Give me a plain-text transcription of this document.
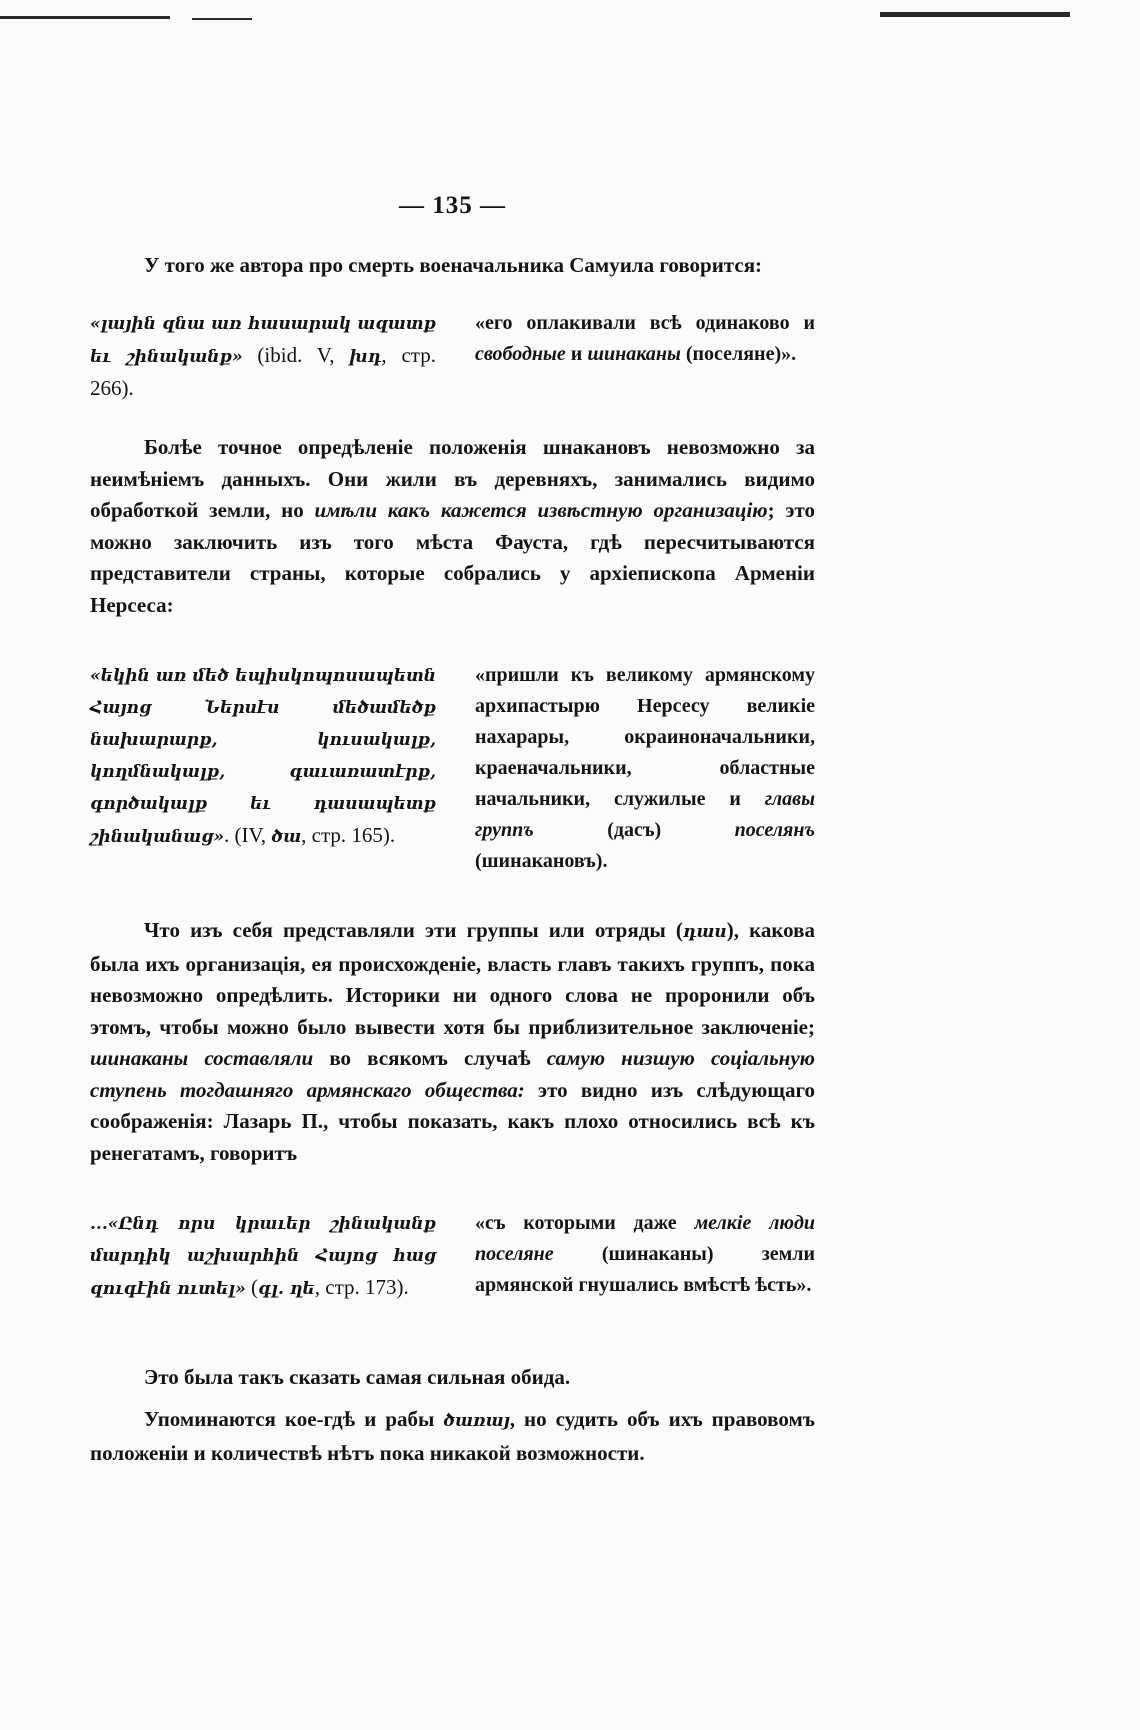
— 135 —
У того же автора про смерть военачальника Самуила говорится:
«լային զնա առ հասարակ ազատք եւ շինականք» (ibid. V, խդ, стр. 266).
«его оплакивали всѣ одинаково и свободные и шинаканы (поселяне)».
Болѣе точное опредѣленіе положенія шнакановъ невозможно за неимѣніемъ данныхъ. Они жили въ деревняхъ, занимались видимо обработкой земли, но имѣли какъ кажется извѣстную организацію; это можно заключить изъ того мѣста Фауста, гдѣ пересчитываются представители страны, которые собрались у архіепископа Арменіи Нерсеса:
«եկին առ մեծ եպիսկոպոսապետն Հայոց Ներսէս մեծամեծք նախարարք, կուսակալք, կողմնակալք, գաւառատէրք, գործակալք եւ դասապետք շինականաց». (IV, ծա, стр. 165).
«пришли къ великому армянскому архипастырю Нерсесу великіе нахарары, окраиноначальники, краеначальники, областные начальники, служилые и главы группъ (дасъ) поселянъ (шинакановъ).
Что изъ себя представляли эти группы или отряды (դաս), какова была ихъ организація, ея происхожденіе, власть главъ такихъ группъ, пока невозможно опредѣлить. Историки ни одного слова не проронили объ этомъ, чтобы можно было вывести хотя бы приблизительное заключеніе; шинаканы составляли во всякомъ случаѣ самую низшую соціальную ступень тогдашняго армянскаго общества: это видно изъ слѣдующаго соображенія: Лазарь П., чтобы показать, какъ плохо относились всѣ къ ренегатамъ, говоритъ
...«Ընդ որս կրաւեր շինականք մարդիկ աշխարհին Հայոց հաց զուգէին ուտել» (գլ. ղե, стр. 173).
«съ которыми даже мелкіе люди поселяне (шинаканы) земли армянской гнушались вмѣстѣ ѣсть».
Это была такъ сказать самая сильная обида.
Упоминаются кое-гдѣ и рабы ծառայ, но судить объ ихъ правовомъ положеніи и количествѣ нѣтъ пока никакой возможности.
